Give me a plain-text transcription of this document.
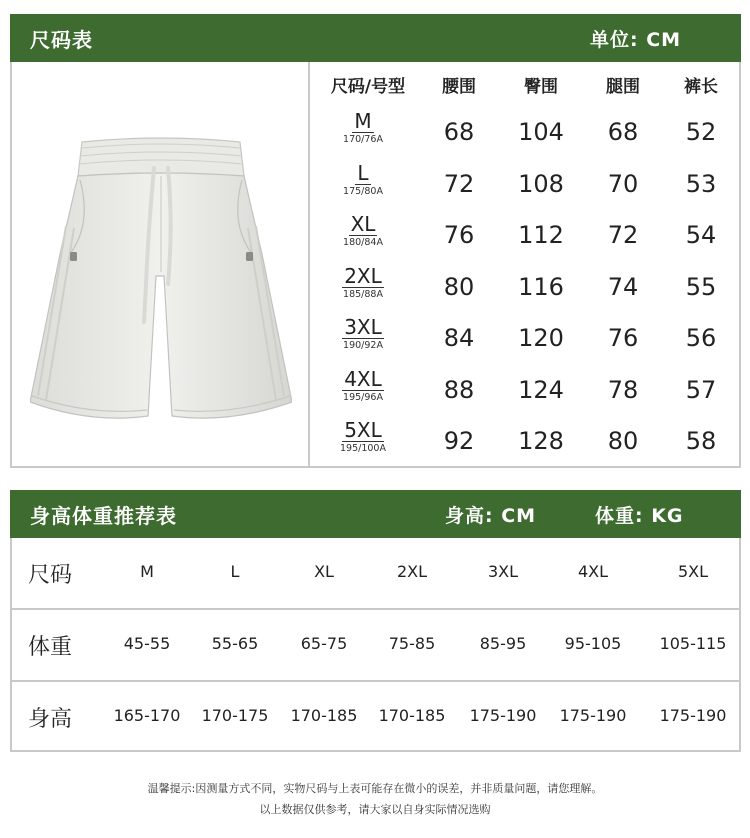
尺码表	单位: CM
尺码/号型	腰围	臀围	腿围	裤长
M
170/76A	68	104	68	52
L
175/80A	72	108	70	53
XL
180/84A	76	112	72	54
2XL
185/88A	80	116	74	55
3XL
190/92A	84	120	76	56
4XL
195/96A	88	124	78	57
5XL
195/100A	92	128	80	58
身高体重推荐表	身高: CM	体重: KG
尺码	M	L	XL	2XL	3XL	4XL	5XL
体重	45-55	55-65	65-75	75-85	85-95	95-105	105-115
身高	165-170	170-175	170-185	170-185	175-190	175-190	175-190
温馨提示:因测量方式不同，实物尺码与上表可能存在微小的误差，并非质量问题，请您理解。
以上数据仅供参考，请大家以自身实际情况选购
